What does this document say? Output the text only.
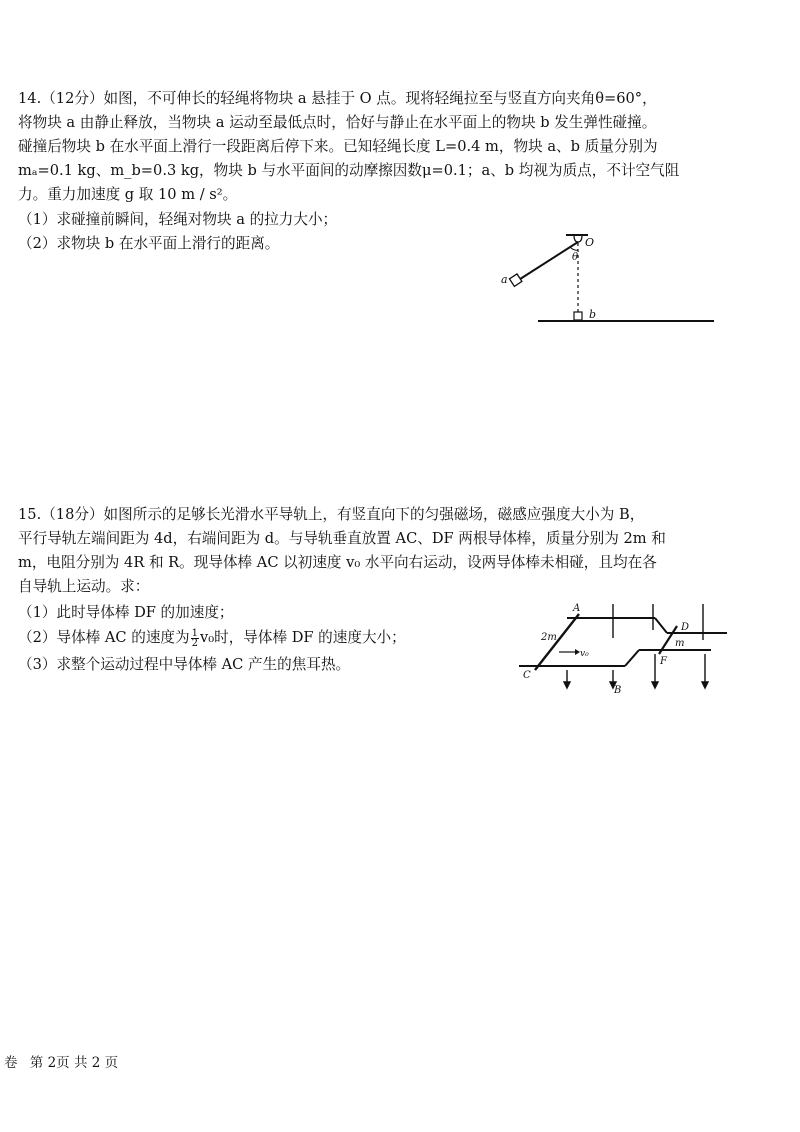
14.（12分）如图，不可伸长的轻绳将物块 a 悬挂于 O 点。现将轻绳拉至与竖直方向夹角θ=60°，
将物块 a 由静止释放，当物块 a 运动至最低点时，恰好与静止在水平面上的物块 b 发生弹性碰撞。
碰撞后物块 b 在水平面上滑行一段距离后停下来。已知轻绳长度 L=0.4 m，物块 a、b 质量分别为
mₐ=0.1 kg、m_b=0.3 kg，物块 b 与水平面间的动摩擦因数μ=0.1；a、b 均视为质点，不计空气阻
力。重力加速度 g 取 10 m / s²。
（1）求碰撞前瞬间，轻绳对物块 a 的拉力大小；
（2）求物块 b 在水平面上滑行的距离。	O
θ
a
b
15.（18分）如图所示的足够长光滑水平导轨上，有竖直向下的匀强磁场，磁感应强度大小为 B，
平行导轨左端间距为 4d，右端间距为 d。与导轨垂直放置 AC、DF 两根导体棒，质量分别为 2m 和
m，电阻分别为 4R 和 R。现导体棒 AC 以初速度 v₀ 水平向右运动，设两导体棒未相碰，且均在各
自导轨上运动。求：
（1）此时导体棒 DF 的加速度；
（2）导体棒 AC 的速度为 $\frac{1}{2} v_0$时，导体棒 DF 的速度大小；
（3）求整个运动过程中导体棒 AC 产生的焦耳热。
A
C
D
F
2m
m
v₀
B
卷 第 2页 共 2 页
